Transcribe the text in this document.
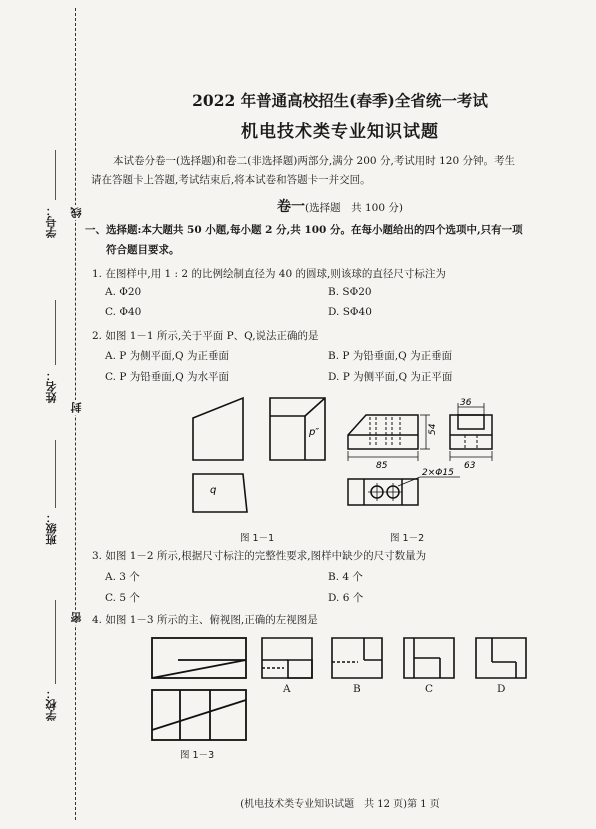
学号：
姓名：
班级：
学校：
线
封
密
2022 年普通高校招生(春季)全省统一考试
机电技术类专业知识试题
本试卷分卷一(选择题)和卷二(非选择题)两部分,满分 200 分,考试用时 120 分钟。考生
请在答题卡上答题,考试结束后,将本试卷和答题卡一并交回。
卷一(选择题　共 100 分)
一、选择题:本大题共 50 小题,每小题 2 分,共 100 分。在每小题给出的四个选项中,只有一项
符合题目要求。
1. 在图样中,用 1 : 2 的比例绘制直径为 40 的圆球,则该球的直径尺寸标注为
A. Φ20	B. SΦ20
C. Φ40	D. SΦ40
2. 如图 1－1 所示,关于平面 P、Q,说法正确的是
A. P 为侧平面,Q 为正垂面	B. P 为铅垂面,Q 为正垂面
C. P 为铅垂面,Q 为水平面	D. P 为侧平面,Q 为正平面
p″
q
图 1－1
36
54
85	63
2×Φ15
图 1－2
3. 如图 1－2 所示,根据尺寸标注的完整性要求,图样中缺少的尺寸数量为
A. 3 个	B. 4 个
C. 5 个	D. 6 个
4. 如图 1－3 所示的主、俯视图,正确的左视图是
图 1－3
A	B	C	D
(机电技术类专业知识试题　共 12 页)第 1 页
